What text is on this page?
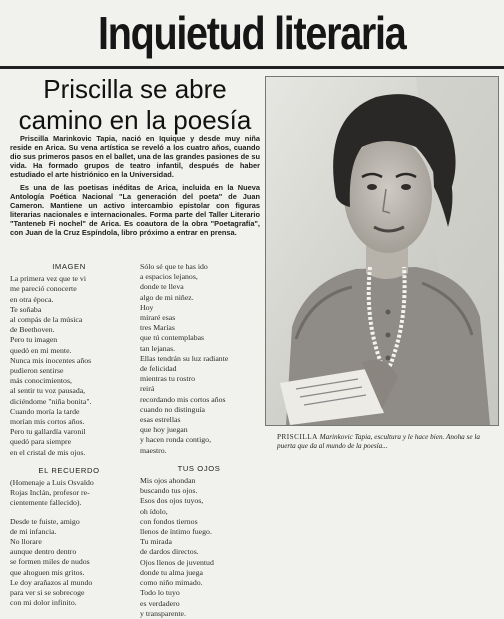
Inquietud literaria
Priscilla se abre
camino en la poesía

Priscilla Marinkovic Tapia, nació en Iquique y desde muy niña reside en Arica. Su vena artística se reveló a los cuatro años, cuando dio sus primeros pasos en el ballet, una de las grandes pasiones de su vida. Ha formado grupos de teatro infantil, después de haber estudiado el arte histriónico en la Universidad.

Es una de las poetisas inéditas de Arica, incluida en la Nueva Antología Poética Nacional "La generación del poeta" de Juan Cameron. Mantiene un activo intercambio epistolar con figuras literarias nacionales e internacionales. Forma parte del Taller Literario "Tanteneb Fi nochel" de Arica. Es coautora de la obra "Poetagrafía", con Juan de la Cruz Espíndola, libro próximo a entrar en prensa.

IMAGEN
La primera vez que te vi
me pareció conocerte
en otra época.
Te soñaba
al compás de la música
de Beethoven.
Pero tu imagen
quedó en mi mente.
Nunca mis inocentes años
pudieron sentirse
más conocimientos,
al sentir tu voz pausada,
diciéndome "niña bonita".
Cuando moría la tarde
morían mis cortos años.
Pero tu gallardía varonil
quedó para siempre
en el cristal de mis ojos.
EL RECUERDO
(Homenaje a Luis Osvaldo
Rojas Inclán, profesor re-
cientemente fallecido).
Desde te fuiste, amigo
de mi infancia.
No llorare
aunque dentro dentro
se formen miles de nudos
que ahoguen mis gritos.
Le doy arañazos al mundo
para ver si se sobrecoge
con mi dolor infinito.
Sólo sé que te has ido
a espacios lejanos,
donde te lleva
algo de mi niñez.
Hoy
miraré esas
tres Marías
que tú contemplabas
tan lejanas.
Ellas tendrán su luz radiante
de felicidad
mientras tu rostro
reirá
recordando mis cortos años
cuando no distinguía
esas estrellas
que hoy juegan
y hacen ronda contigo,
maestro.
TUS OJOS
Mis ojos ahondan
buscando tus ojos.
Esos dos ojos tuyos,
oh ídolo,
con fondos tiernos
llenos de íntimo fuego.
Tu mirada
de dardos directos.
Ojos llenos de juventud
donde tu alma juega
como niño mimado.
Todo lo tuyo
es verdadero
y transparente.
PRISCILLA Marinkovic Tapia, escultura y le hace bien. Anoha se la puerta que da al mundo de la poesía...
